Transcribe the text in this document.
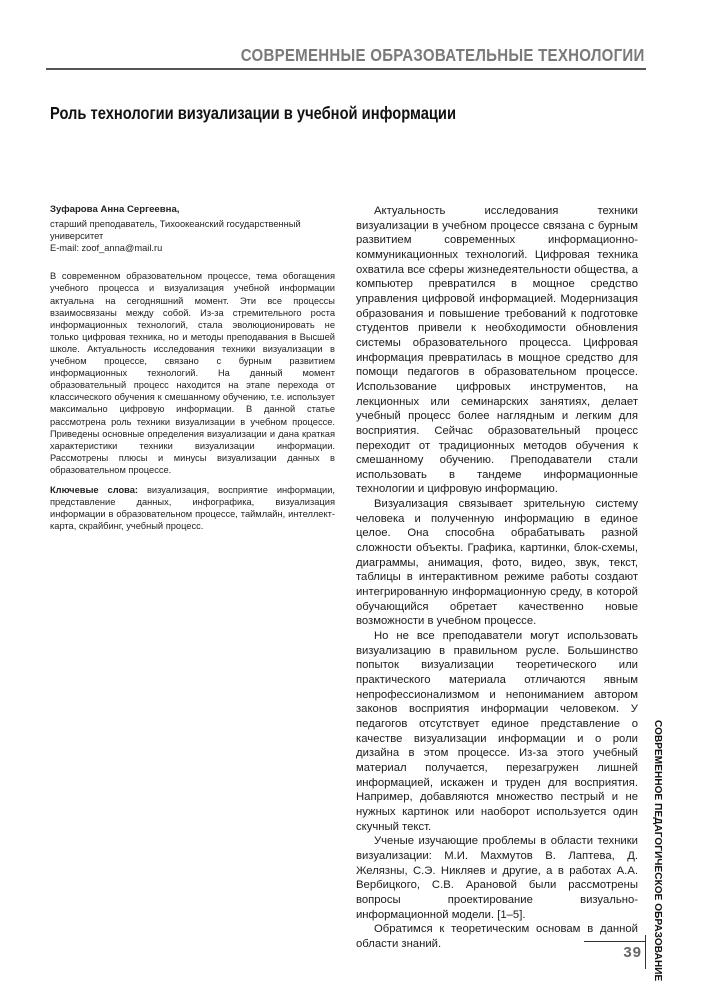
СОВРЕМЕННЫЕ ОБРАЗОВАТЕЛЬНЫЕ ТЕХНОЛОГИИ
Роль технологии визуализации в учебной информации
Зуфарова Анна Сергеевна,

старший преподаватель, Тихоокеанский государственный университет

E-mail: zoof_anna@mail.ru

В современном образовательном процессе, тема обогащения учебного процесса и визуализация учебной информации актуальна на сегодняшний момент. Эти все процессы взаимосвязаны между собой. Из-за стремительного роста информационных технологий, стала эволюционировать не только цифровая техника, но и методы преподавания в Высшей школе. Актуальность исследования техники визуализации в учебном процессе, связано с бурным развитием информационных технологий. На данный момент образовательный процесс находится на этапе перехода от классического обучения к смешанному обучению, т.е. использует максимально цифровую информации. В данной статье рассмотрена роль техники визуализации в учебном процессе. Приведены основные определения визуализации и дана краткая характеристики техники визуализации информации. Рассмотрены плюсы и минусы визуализации данных в образовательном процессе.

Ключевые слова: визуализация, восприятие информации, представление данных, инфографика, визуализация информации в образовательном процессе, таймлайн, интеллект-карта, скрайбинг, учебный процесс.

Актуальность исследования техники визуализации в учебном процессе связана с бурным развитием современных информационно-коммуникационных технологий. Цифровая техника охватила все сферы жизнедеятельности общества, а компьютер превратился в мощное средство управления цифровой информацией. Модернизация образования и повышение требований к подготовке студентов привели к необходимости обновления системы образовательного процесса. Цифровая информация превратилась в мощное средство для помощи педагогов в образовательном процессе. Использование цифровых инструментов, на лекционных или семинарских занятиях, делает учебный процесс более наглядным и легким для восприятия. Сейчас образовательный процесс переходит от традиционных методов обучения к смешанному обучению. Преподаватели стали использовать в тандеме информационные технологии и цифровую информацию.

Визуализация связывает зрительную систему человека и полученную информацию в единое целое. Она способна обрабатывать разной сложности объекты. Графика, картинки, блок-схемы, диаграммы, анимация, фото, видео, звук, текст, таблицы в интерактивном режиме работы создают интегрированную информационную среду, в которой обучающийся обретает качественно новые возможности в учебном процессе.

Но не все преподаватели могут использовать визуализацию в правильном русле. Большинство попыток визуализации теоретического или практического материала отличаются явным непрофессионализмом и непониманием автором законов восприятия информации человеком. У педагогов отсутствует единое представление о качестве визуализации информации и о роли дизайна в этом процессе. Из-за этого учебный материал получается, перезагружен лишней информацией, искажен и труден для восприятия. Например, добавляются множество пестрый и не нужных картинок или наоборот используется один скучный текст.

Ученые изучающие проблемы в области техники визуализации: М.И. Махмутов В. Лаптева, Д. Желязны, С.Э. Никляев и другие, а в работах А.А. Вербицкого, С.В. Арановой были рассмотрены вопросы проектирование визуально-информационной модели. [1–5].

Обратимся к теоретическим основам в данной области знаний.	СОВРЕМЕННОЕ ПЕДАГОГИЧЕСКОЕ ОБРАЗОВАНИЕ
39
